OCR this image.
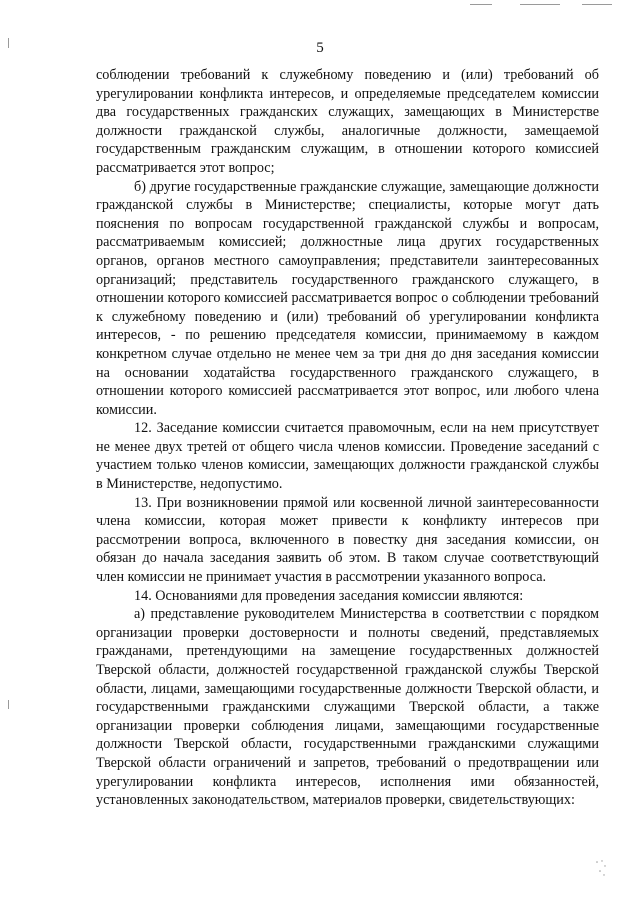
5

соблюдении требований к служебному поведению и (или) требований об урегулировании конфликта интересов, и определяемые председателем комиссии два государственных гражданских служащих, замещающих в Министерстве должности гражданской службы, аналогичные должности, замещаемой государственным гражданским служащим, в отношении которого комиссией рассматривается этот вопрос;

б) другие государственные гражданские служащие, замещающие должности гражданской службы в Министерстве; специалисты, которые могут дать пояснения по вопросам государственной гражданской службы и вопросам, рассматриваемым комиссией; должностные лица других государственных органов, органов местного самоуправления; представители заинтересованных организаций; представитель государственного гражданского служащего, в отношении которого комиссией рассматривается вопрос о соблюдении требований к служебному поведению и (или) требований об урегулировании конфликта интересов, - по решению председателя комиссии, принимаемому в каждом конкретном случае отдельно не менее чем за три дня до дня заседания комиссии на основании ходатайства государственного гражданского служащего, в отношении которого комиссией рассматривается этот вопрос, или любого члена комиссии.

12. Заседание комиссии считается правомочным, если на нем присутствует не менее двух третей от общего числа членов комиссии. Проведение заседаний с участием только членов комиссии, замещающих должности гражданской службы в Министерстве, недопустимо.

13. При возникновении прямой или косвенной личной заинтересованности члена комиссии, которая может привести к конфликту интересов при рассмотрении вопроса, включенного в повестку дня заседания комиссии, он обязан до начала заседания заявить об этом. В таком случае соответствующий член комиссии не принимает участия в рассмотрении указанного вопроса.

14. Основаниями для проведения заседания комиссии являются:

а) представление руководителем Министерства в соответствии с порядком организации проверки достоверности и полноты сведений, представляемых гражданами, претендующими на замещение государственных должностей Тверской области, должностей государственной гражданской службы Тверской области, лицами, замещающими государственные должности Тверской области, и государственными гражданскими служащими Тверской области, а также организации проверки соблюдения лицами, замещающими государственные должности Тверской области, государственными гражданскими служащими Тверской области ограничений и запретов, требований о предотвращении или урегулировании конфликта интересов, исполнения ими обязанностей, установленных законодательством, материалов проверки, свидетельствующих:
